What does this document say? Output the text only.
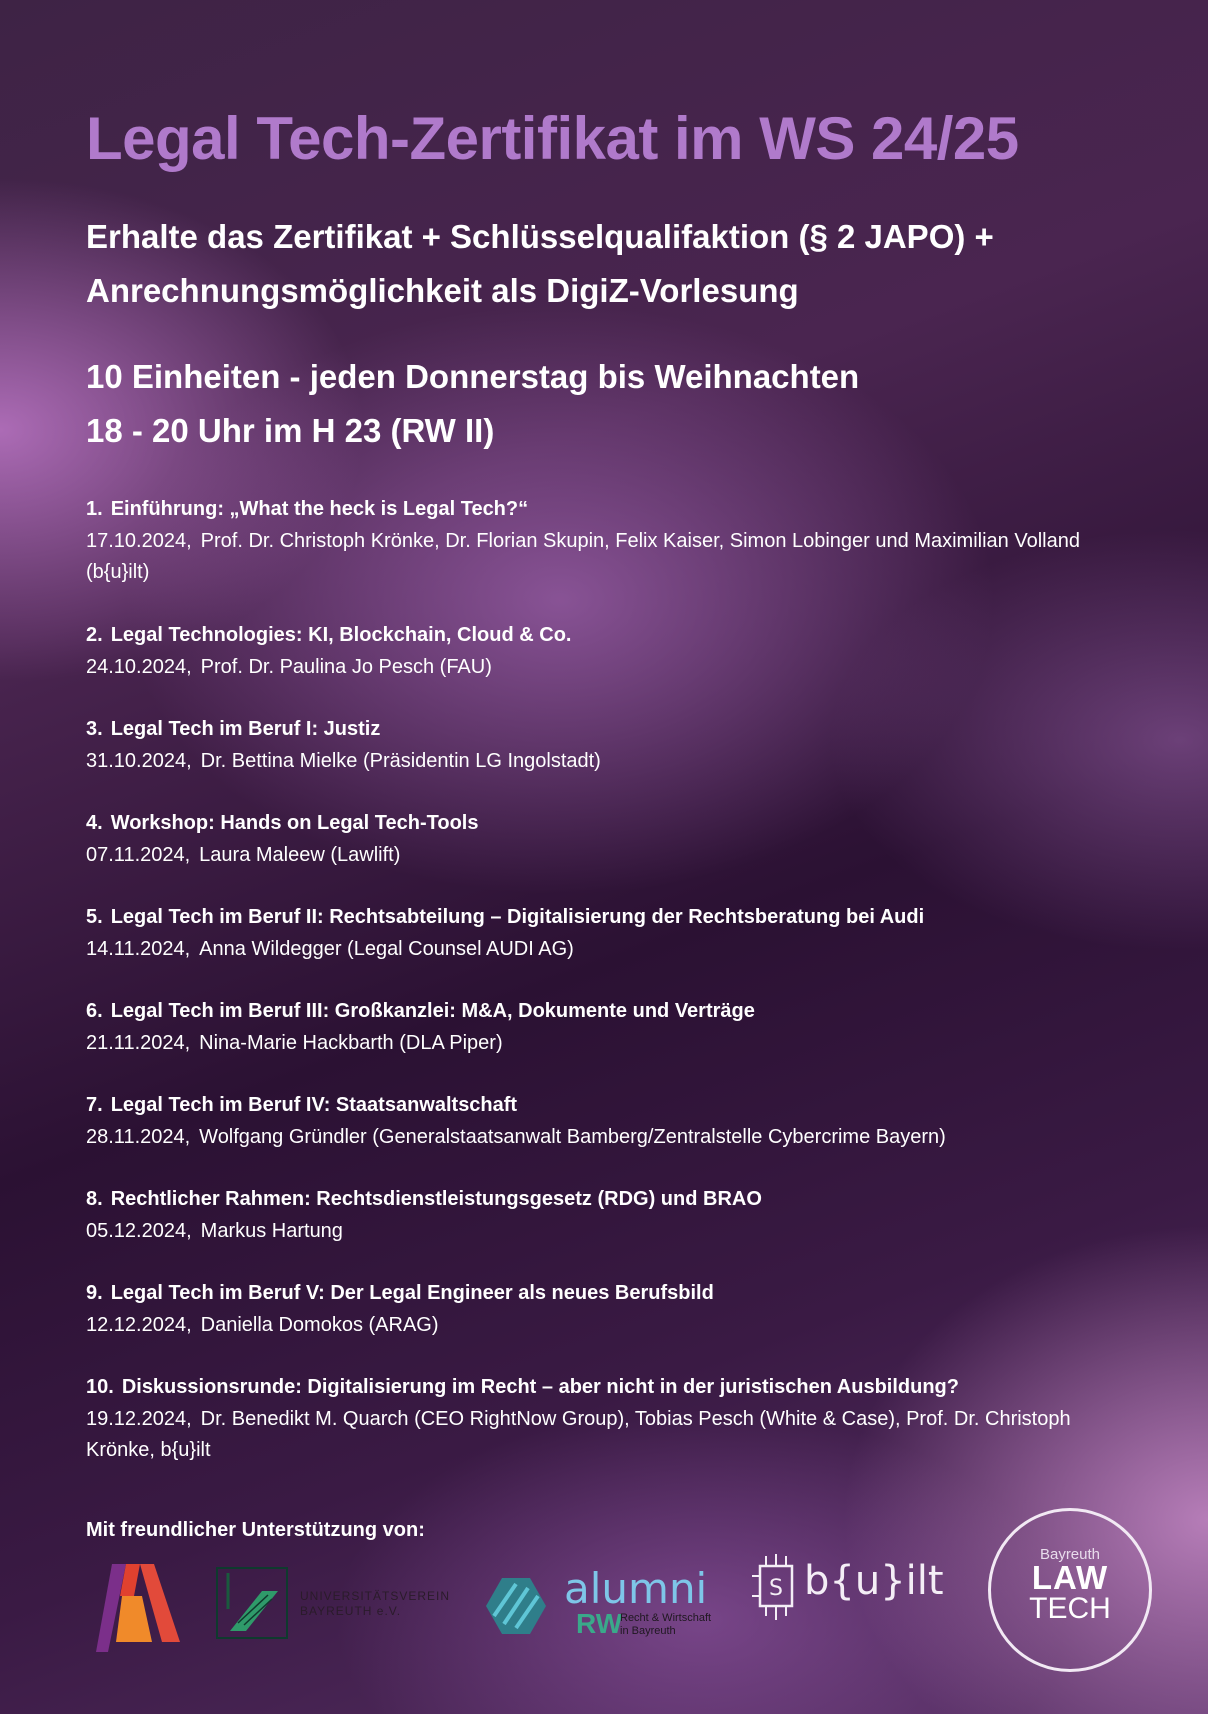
Legal Tech-Zertifikat im WS 24/25

Erhalte das Zertifikat + Schlüsselqualifaktion (§ 2 JAPO) + Anrechnungsmöglichkeit als DigiZ-Vorlesung

10 Einheiten - jeden Donnerstag bis Weihnachten
18 - 20 Uhr im H 23 (RW II)
1. Einführung: „What the heck is Legal Tech?“
17.10.2024, Prof. Dr. Christoph Krönke, Dr. Florian Skupin, Felix Kaiser, Simon Lobinger und Maximilian Volland (b{u}ilt)
2. Legal Technologies: KI, Blockchain, Cloud & Co.
24.10.2024, Prof. Dr. Paulina Jo Pesch (FAU)
3. Legal Tech im Beruf I: Justiz
31.10.2024, Dr. Bettina Mielke (Präsidentin LG Ingolstadt)
4. Workshop: Hands on Legal Tech-Tools
07.11.2024, Laura Maleew (Lawlift)
5. Legal Tech im Beruf II: Rechtsabteilung – Digitalisierung der Rechtsberatung bei Audi
14.11.2024, Anna Wildegger (Legal Counsel AUDI AG)
6. Legal Tech im Beruf III: Großkanzlei: M&A, Dokumente und Verträge
21.11.2024, Nina-Marie Hackbarth (DLA Piper)
7. Legal Tech im Beruf IV: Staatsanwaltschaft
28.11.2024, Wolfgang Gründler (Generalstaatsanwalt Bamberg/Zentralstelle Cybercrime Bayern)
8. Rechtlicher Rahmen: Rechtsdienstleistungsgesetz (RDG) und BRAO
05.12.2024, Markus Hartung
9. Legal Tech im Beruf V: Der Legal Engineer als neues Berufsbild
12.12.2024, Daniella Domokos (ARAG)
10. Diskussionsrunde: Digitalisierung im Recht – aber nicht in der juristischen Ausbildung?
19.12.2024, Dr. Benedikt M. Quarch (CEO RightNow Group), Tobias Pesch (White & Case), Prof. Dr. Christoph Krönke, b{u}ilt
Mit freundlicher Unterstützung von:
UNIVERSITÄTSVEREIN
BAYREUTH e.V.	alumni
RW
Recht & Wirtschaft
in Bayreuth
S b{u}ilt
Bayreuth
LAW
TECH
